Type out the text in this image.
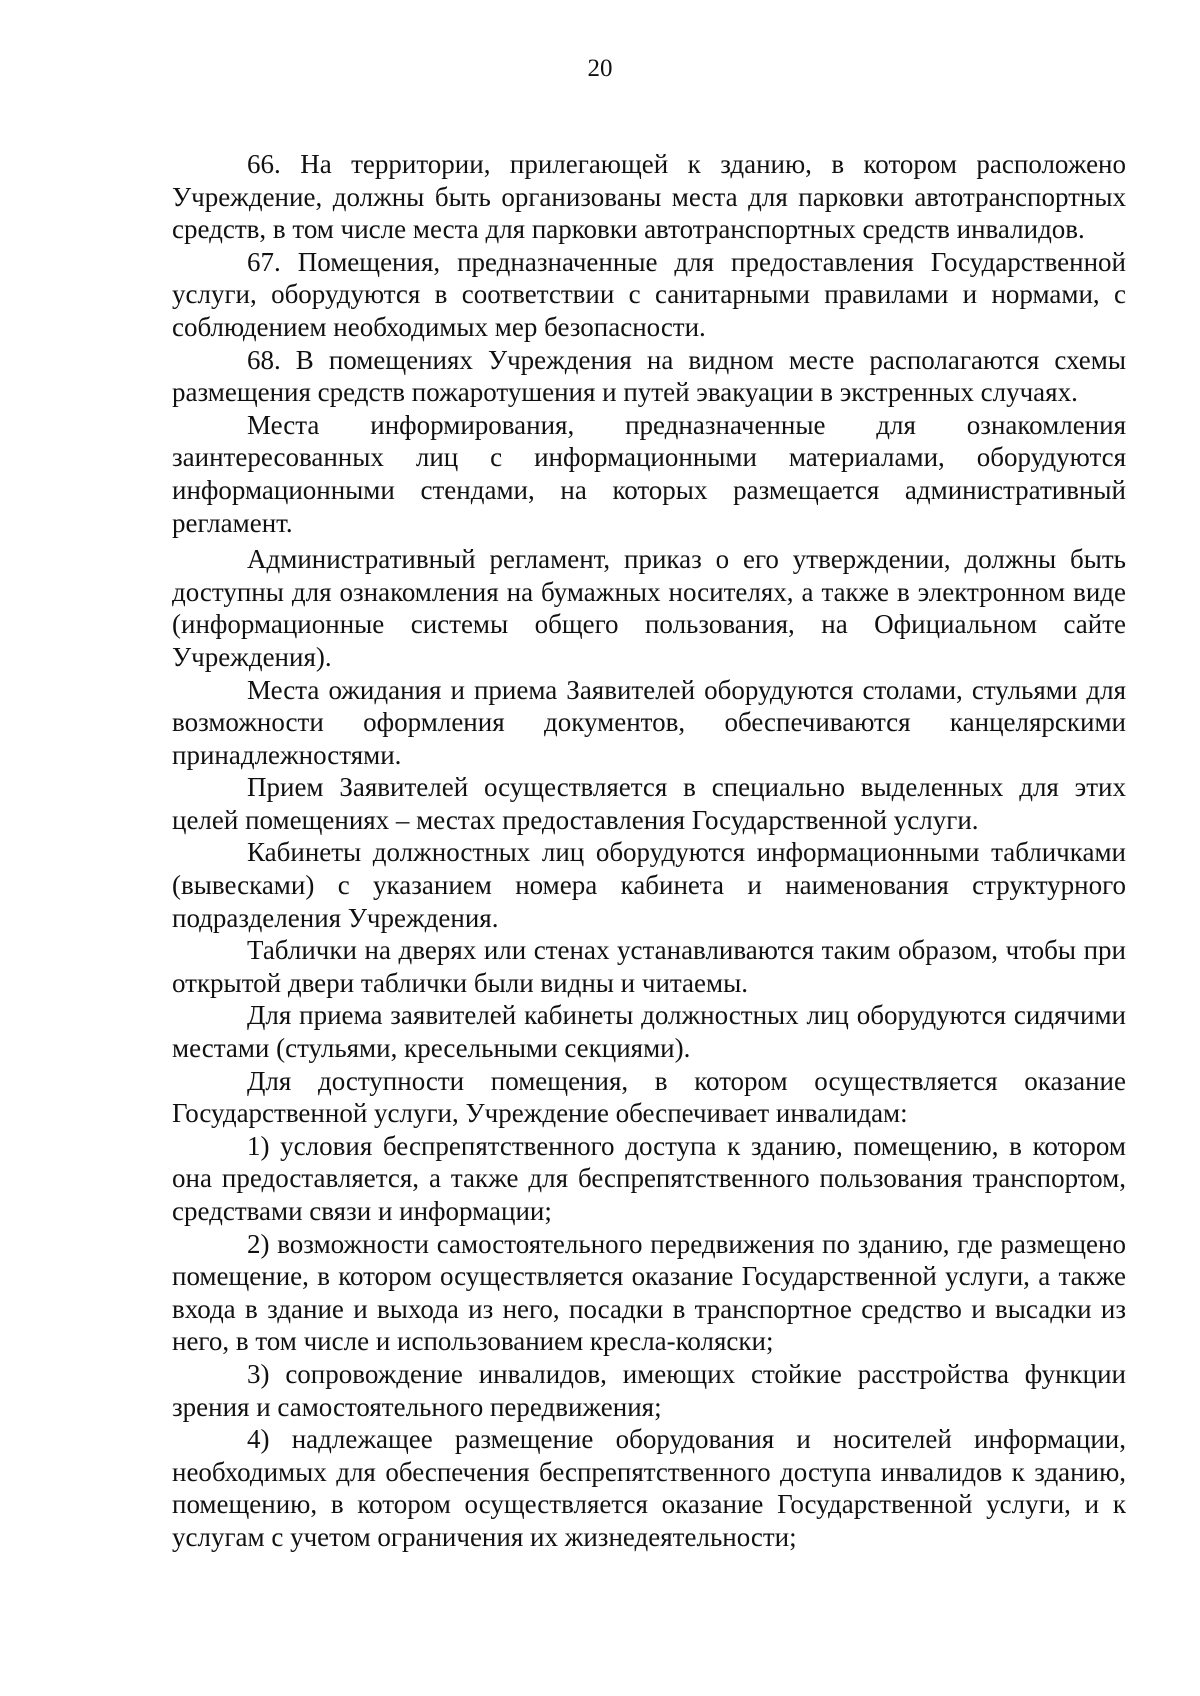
20

66. На территории, прилегающей к зданию, в котором расположено Учреждение, должны быть организованы места для парковки автотранспортных средств, в том числе места для парковки автотранспортных средств инвалидов.

67. Помещения, предназначенные для предоставления Государственной услуги, оборудуются в соответствии с санитарными правилами и нормами, с соблюдением необходимых мер безопасности.

68. В помещениях Учреждения на видном месте располагаются схемы размещения средств пожаротушения и путей эвакуации в экстренных случаях.

Места информирования, предназначенные для ознакомления заинтересованных лиц с информационными материалами, оборудуются информационными стендами, на которых размещается административный регламент.

Административный регламент, приказ о его утверждении, должны быть доступны для ознакомления на бумажных носителях, а также в электронном виде (информационные системы общего пользования, на Официальном сайте Учреждения).

Места ожидания и приема Заявителей оборудуются столами, стульями для возможности оформления документов, обеспечиваются канцелярскими принадлежностями.

Прием Заявителей осуществляется в специально выделенных для этих целей помещениях – местах предоставления Государственной услуги.

Кабинеты должностных лиц оборудуются информационными табличками (вывесками) с указанием номера кабинета и наименования структурного подразделения Учреждения.

Таблички на дверях или стенах устанавливаются таким образом, чтобы при открытой двери таблички были видны и читаемы.

Для приема заявителей кабинеты должностных лиц оборудуются сидячими местами (стульями, кресельными секциями).

Для доступности помещения, в котором осуществляется оказание Государственной услуги, Учреждение обеспечивает инвалидам:

1) условия беспрепятственного доступа к зданию, помещению, в котором она предоставляется, а также для беспрепятственного пользования транспортом, средствами связи и информации;

2) возможности самостоятельного передвижения по зданию, где размещено помещение, в котором осуществляется оказание Государственной услуги, а также входа в здание и выхода из него, посадки в транспортное средство и высадки из него, в том числе и использованием кресла-коляски;

3) сопровождение инвалидов, имеющих стойкие расстройства функции зрения и самостоятельного передвижения;

4) надлежащее размещение оборудования и носителей информации, необходимых для обеспечения беспрепятственного доступа инвалидов к зданию, помещению, в котором осуществляется оказание Государственной услуги, и к услугам с учетом ограничения их жизнедеятельности;
